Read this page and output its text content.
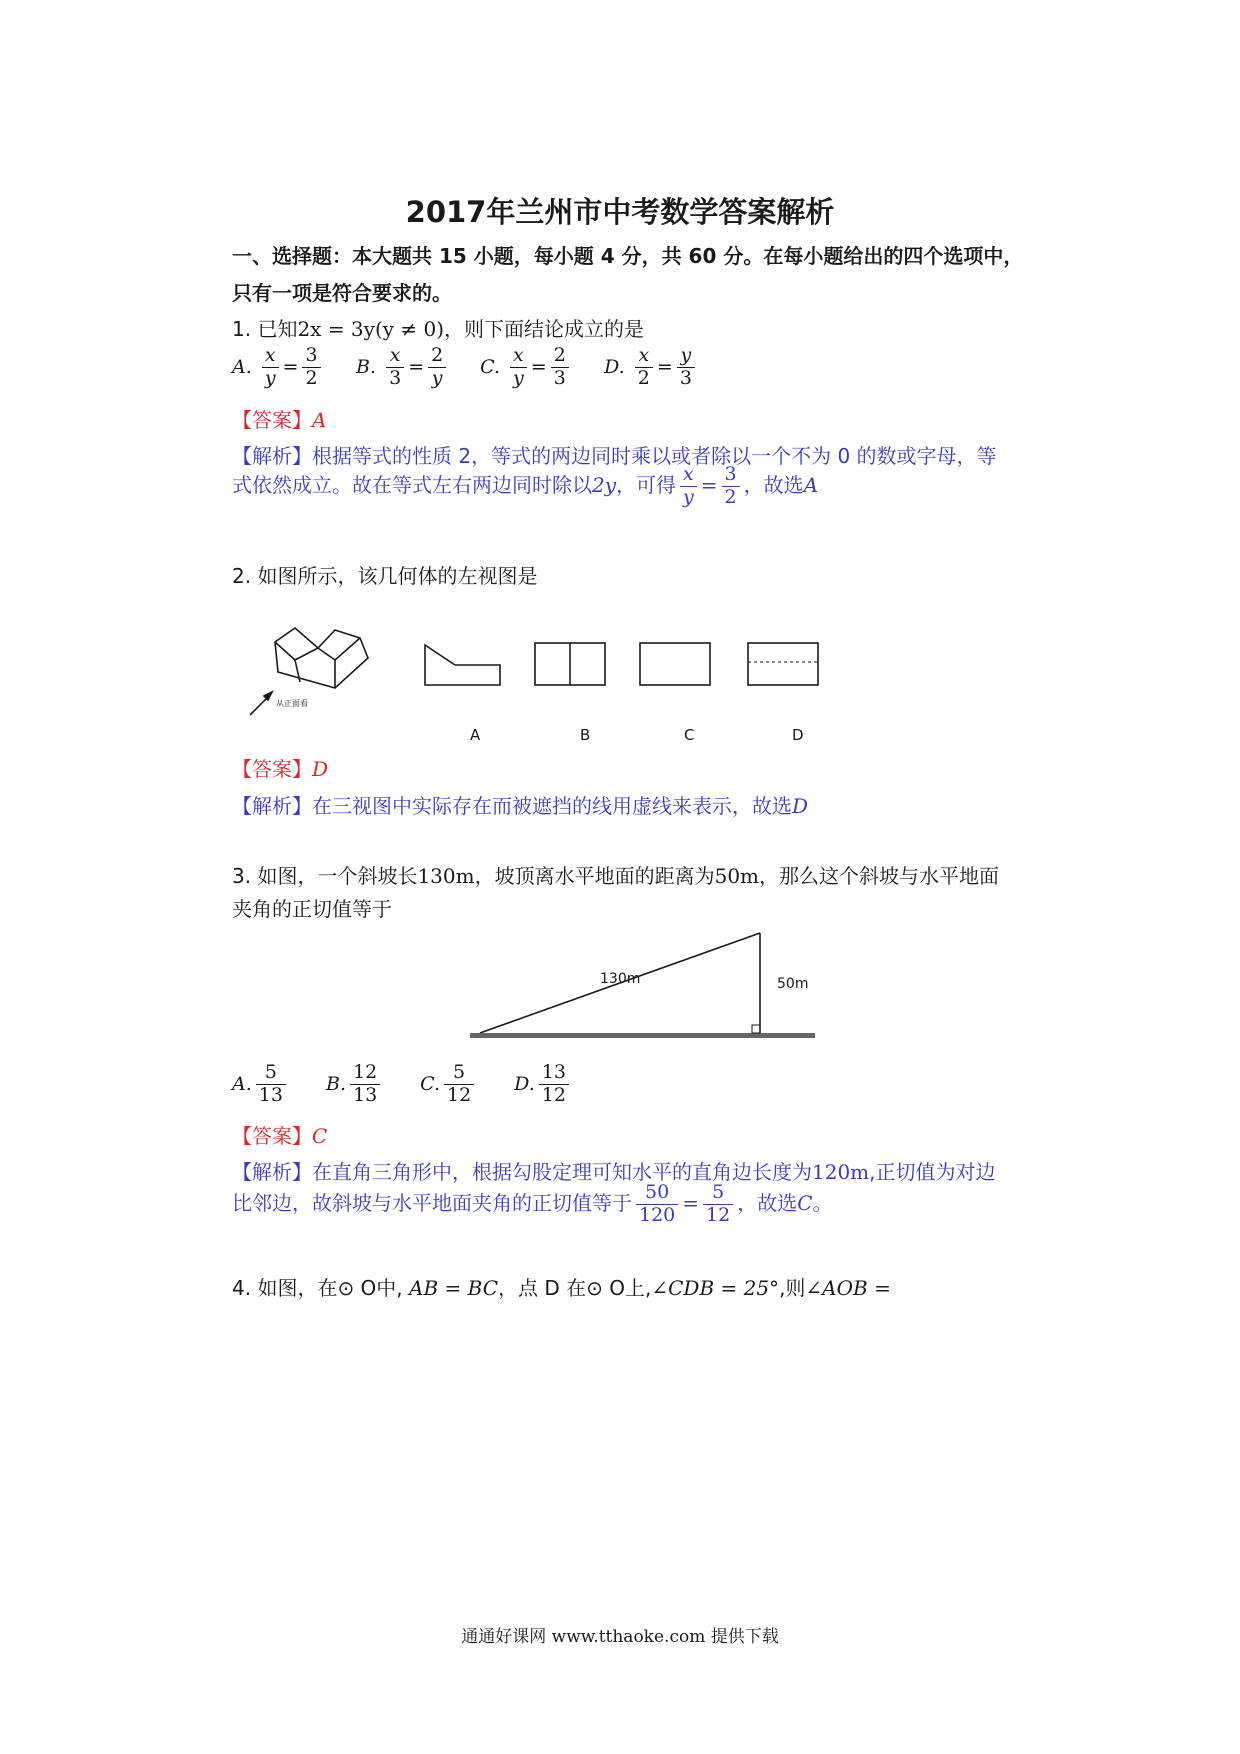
2017年兰州市中考数学答案解析
一、选择题：本大题共 15 小题，每小题 4 分，共 60 分。在每小题给出的四个选项中，
只有一项是符合要求的。
1. 已知2x = 3y(y ≠ 0)，则下面结论成立的是
A. $\frac{x}{y} = \frac{3}{2} B$. $\frac{x}{3} = \frac{2}{y} C$. $\frac{x}{y} = \frac{2}{3} D$. $\frac{x}{2} = \frac{y}{3}$
【答案】A
【解析】根据等式的性质 2，等式的两边同时乘以或者除以一个不为 0 的数或字母，等
式依然成立。故在等式左右两边同时除以2y，可得 $\frac{x}{y} = \frac{3}{2}$ ，故选A
2. 如图所示，该几何体的左视图是
从正面看
A	B	C	D
【答案】D
【解析】在三视图中实际存在而被遮挡的线用虚线来表示，故选D
3. 如图，一个斜坡长130m，坡顶离水平地面的距离为50m，那么这个斜坡与水平地面
夹角的正切值等于
130m	50m
A. $\frac{5}{13} B$. $\frac{12}{13} C$. $\frac{5}{12} D$. $\frac{13}{12}$
【答案】C
【解析】在直角三角形中，根据勾股定理可知水平的直角边长度为120m,正切值为对边
比邻边，故斜坡与水平地面夹角的正切值等于 $\frac{50}{120} = \frac{5}{12}$ ，故选C。
4. 如图，在⊙ O中, AB = BC，点 D 在⊙ O上,∠CDB = 25°,则∠AOB =
通通好课网 www.tthaoke.com 提供下载
